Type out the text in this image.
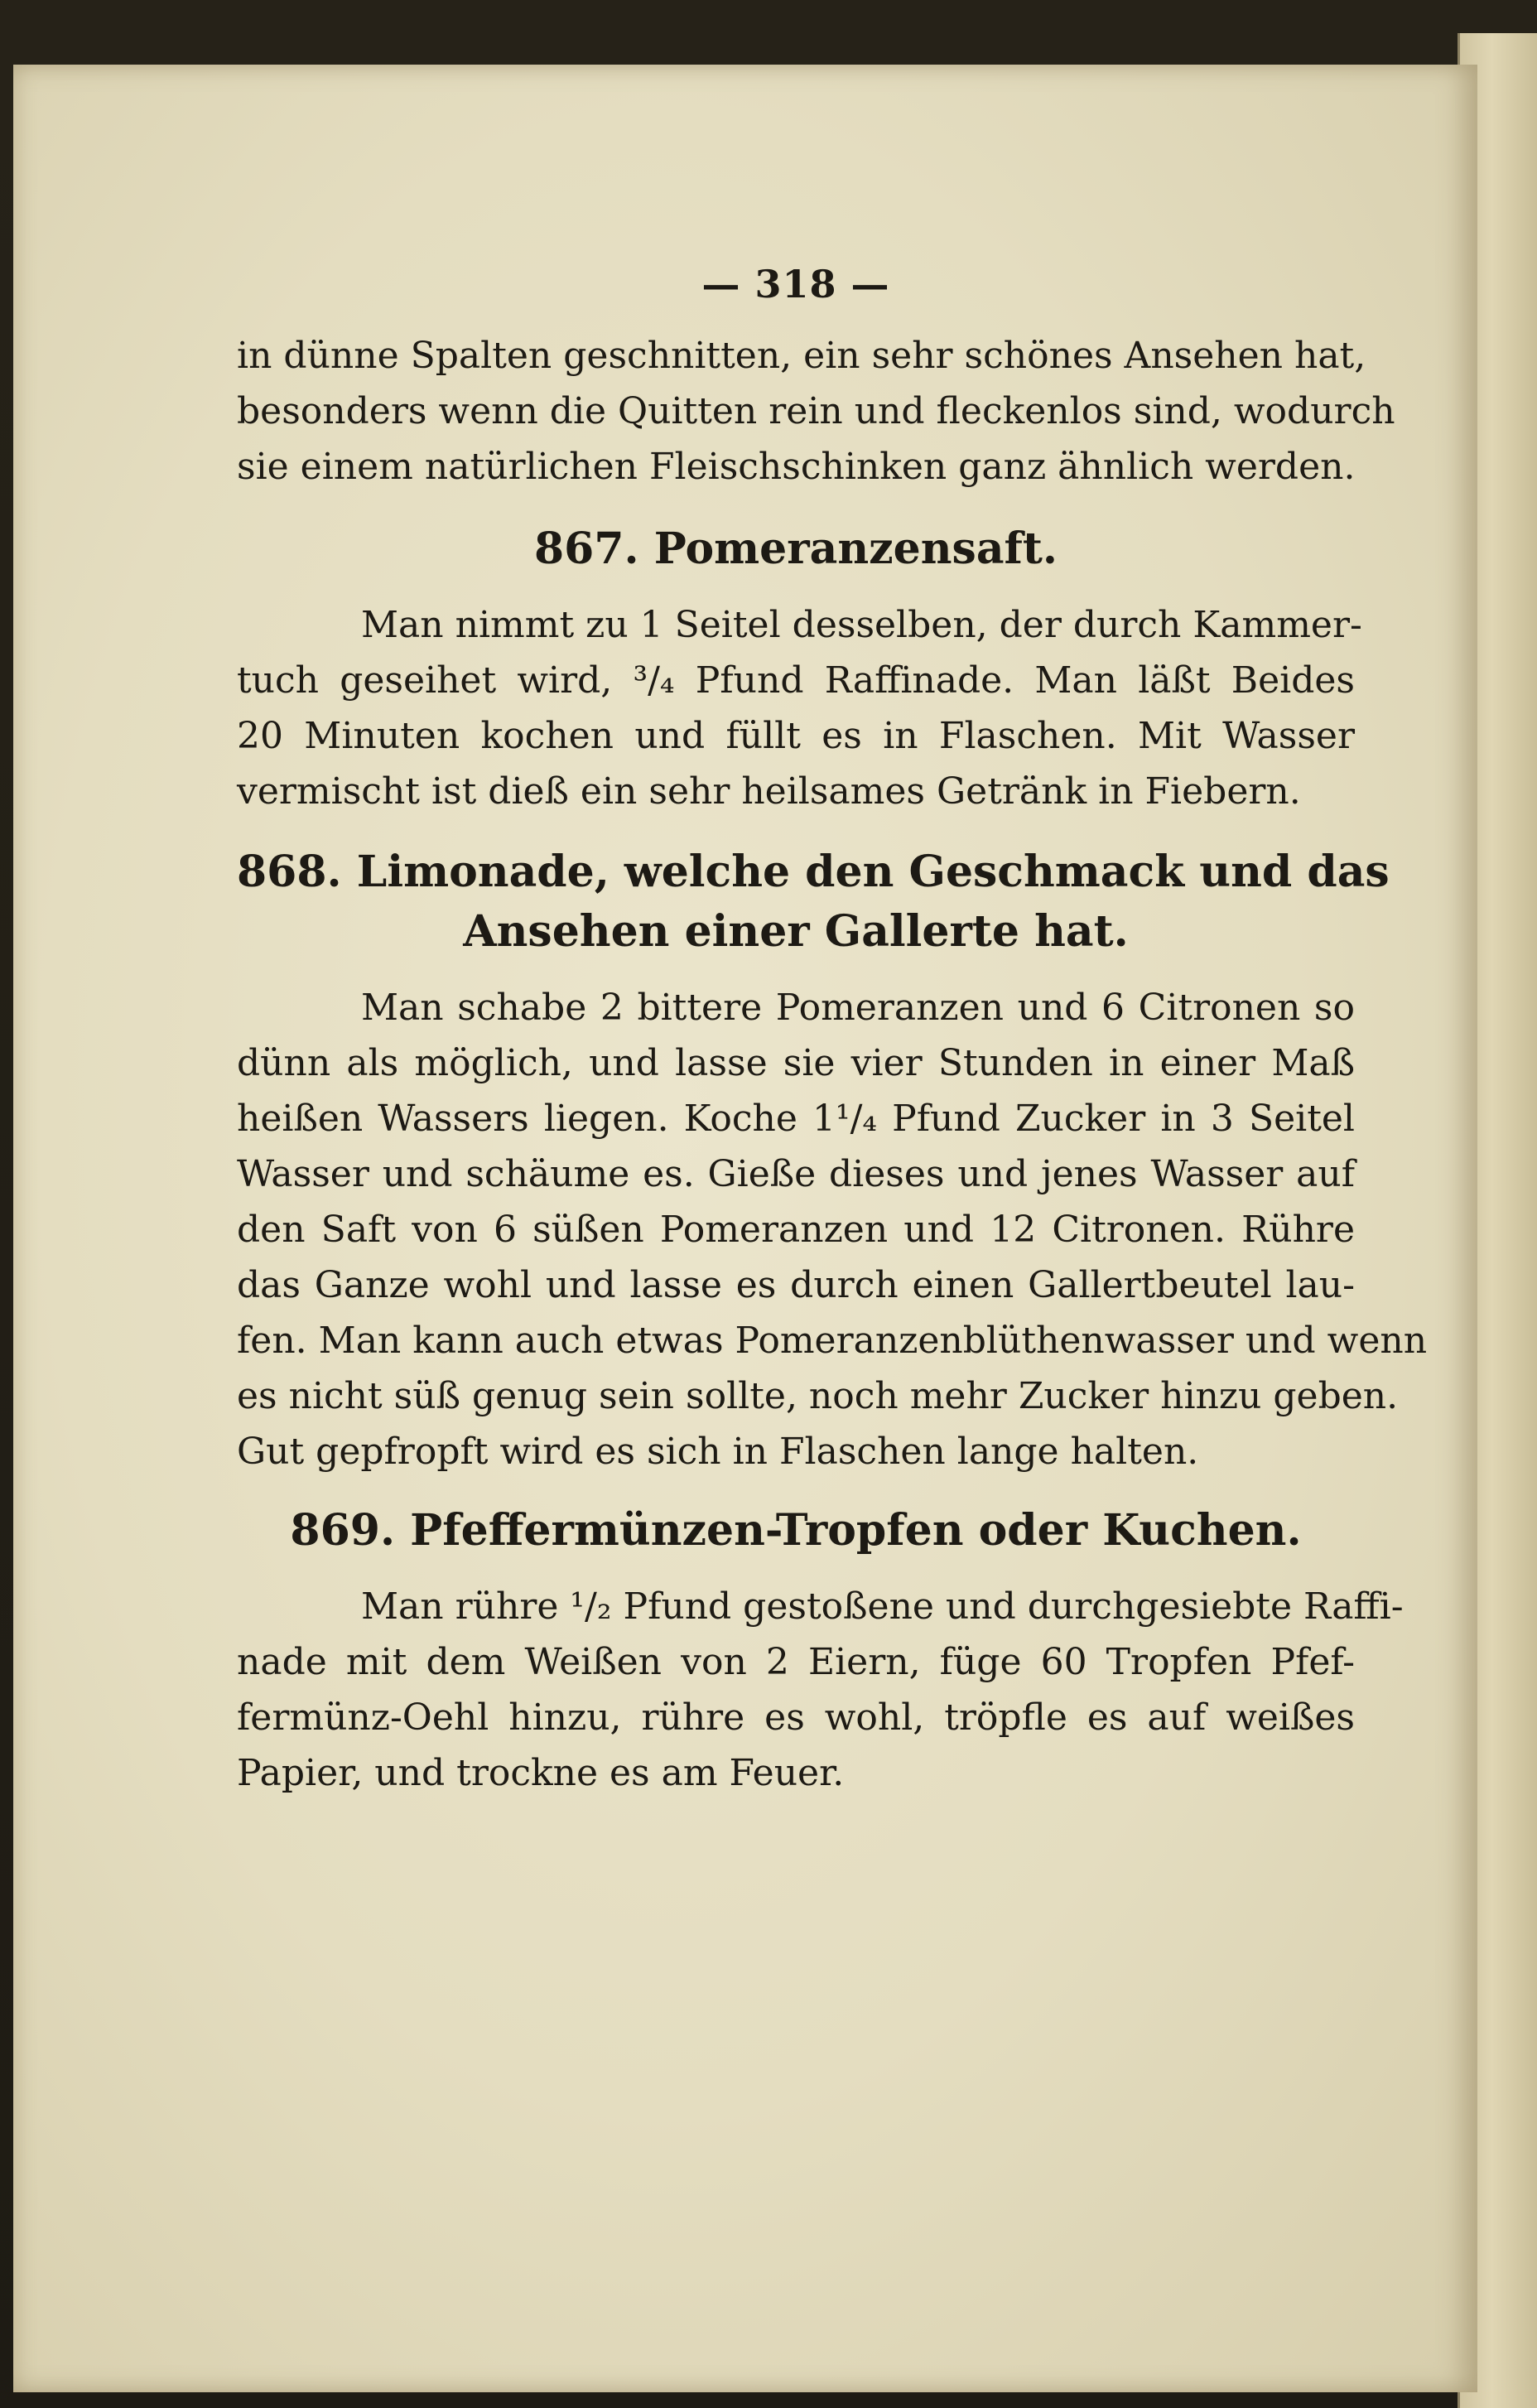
— 318 —
in dünne Spalten geschnitten, ein sehr schönes Ansehen hat,
besonders wenn die Quitten rein und fleckenlos sind, wodurch
sie einem natürlichen Fleischschinken ganz ähnlich werden.
867. Pomeranzensaft.
Man nimmt zu 1 Seitel desselben, der durch Kammer-
tuch geseihet wird, ³/₄ Pfund Raffinade. Man läßt Beides
20 Minuten kochen und füllt es in Flaschen. Mit Wasser
vermischt ist dieß ein sehr heilsames Getränk in Fiebern.
868. Limonade, welche den Geschmack und das
Ansehen einer Gallerte hat.
Man schabe 2 bittere Pomeranzen und 6 Citronen so
dünn als möglich, und lasse sie vier Stunden in einer Maß
heißen Wassers liegen. Koche 1¹/₄ Pfund Zucker in 3 Seitel
Wasser und schäume es. Gieße dieses und jenes Wasser auf
den Saft von 6 süßen Pomeranzen und 12 Citronen. Rühre
das Ganze wohl und lasse es durch einen Gallertbeutel lau-
fen. Man kann auch etwas Pomeranzenblüthenwasser und wenn
es nicht süß genug sein sollte, noch mehr Zucker hinzu geben.
Gut gepfropft wird es sich in Flaschen lange halten.
869. Pfeffermünzen-Tropfen oder Kuchen.
Man rühre ¹/₂ Pfund gestoßene und durchgesiebte Raffi-
nade mit dem Weißen von 2 Eiern, füge 60 Tropfen Pfef-
fermünz-Oehl hinzu, rühre es wohl, tröpfle es auf weißes
Papier, und trockne es am Feuer.
